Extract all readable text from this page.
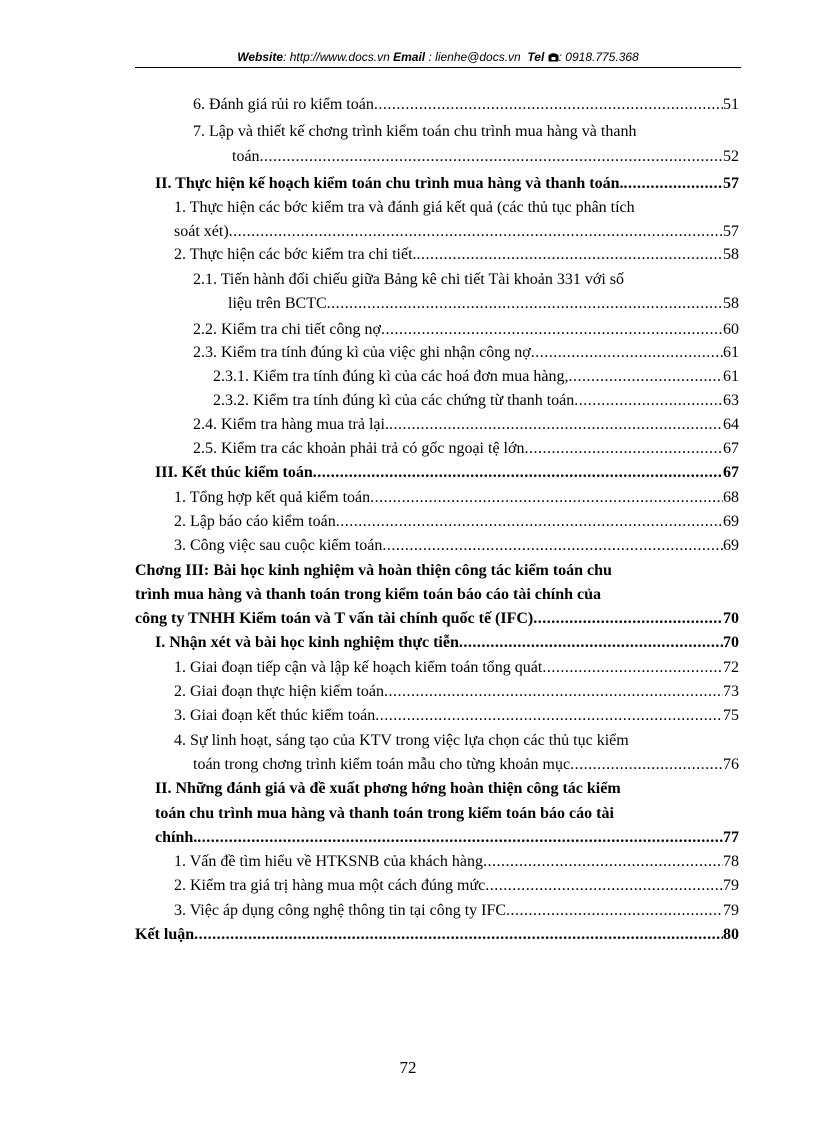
Website: http://www.docs.vn Email : lienhe@docs.vn Tel : 0918.775.368
6. Đánh giá rủi ro kiểm toán .....	51
7. Lập và thiết kế chơng trình kiểm toán chu trình mua hàng và thanh
toán .....	52
II. Thực hiện kế hoạch kiểm toán chu trình mua hàng và thanh toán. .....	57
1. Thực hiện các bớc kiểm tra và đánh giá kết quả (các thủ tục phân tích
soát xét) .....	57
2. Thực hiện các bớc kiểm tra chi tiết. .....	58
2.1. Tiến hành đối chiếu giữa Bảng kê chi tiết Tài khoản 331 với số
liệu trên BCTC .....	58
2.2. Kiểm tra chi tiết công nợ .....	60
2.3. Kiểm tra tính đúng kì của việc ghi nhận công nợ .....	61
2.3.1. Kiểm tra tính đúng kì của các hoá đơn mua hàng, .....	61
2.3.2. Kiểm tra tính đúng kì của các chứng từ thanh toán .....	63
2.4. Kiểm tra hàng mua trả lại. .....	64
2.5. Kiểm tra các khoản phải trả có gốc ngoại tệ lớn .....	67
III. Kết thúc kiểm toán .....	67
1. Tổng hợp kết quả kiểm toán .....	68
2. Lập báo cáo kiểm toán .....	69
3. Công việc sau cuộc kiểm toán .....	69
Chơng III: Bài học kinh nghiệm và hoàn thiện công tác kiểm toán chu
trình mua hàng và thanh toán trong kiểm toán báo cáo tài chính của
công ty TNHH Kiểm toán và T vấn tài chính quốc tế (IFC) .....	70
I. Nhận xét và bài học kinh nghiệm thực tiễn .....	70
1. Giai đoạn tiếp cận và lập kế hoạch kiểm toán tổng quát .....	72
2. Giai đoạn thực hiện kiểm toán .....	73
3. Giai đoạn kết thúc kiểm toán .....	75
4. Sự linh hoạt, sáng tạo của KTV trong việc lựa chọn các thủ tục kiểm
toán trong chơng trình kiểm toán mẫu cho từng khoản mục .....	76
II. Những đánh giá và đề xuất phơng hớng hoàn thiện công tác kiểm
toán chu trình mua hàng và thanh toán trong kiểm toán báo cáo tài
chính. .....	77
1. Vấn đề tìm hiểu về HTKSNB của khách hàng .....	78
2. Kiểm tra giá trị hàng mua một cách đúng mức .....	79
3. Việc áp dụng công nghệ thông tin tại công ty IFC .....	79
Kết luận .....	80
72
